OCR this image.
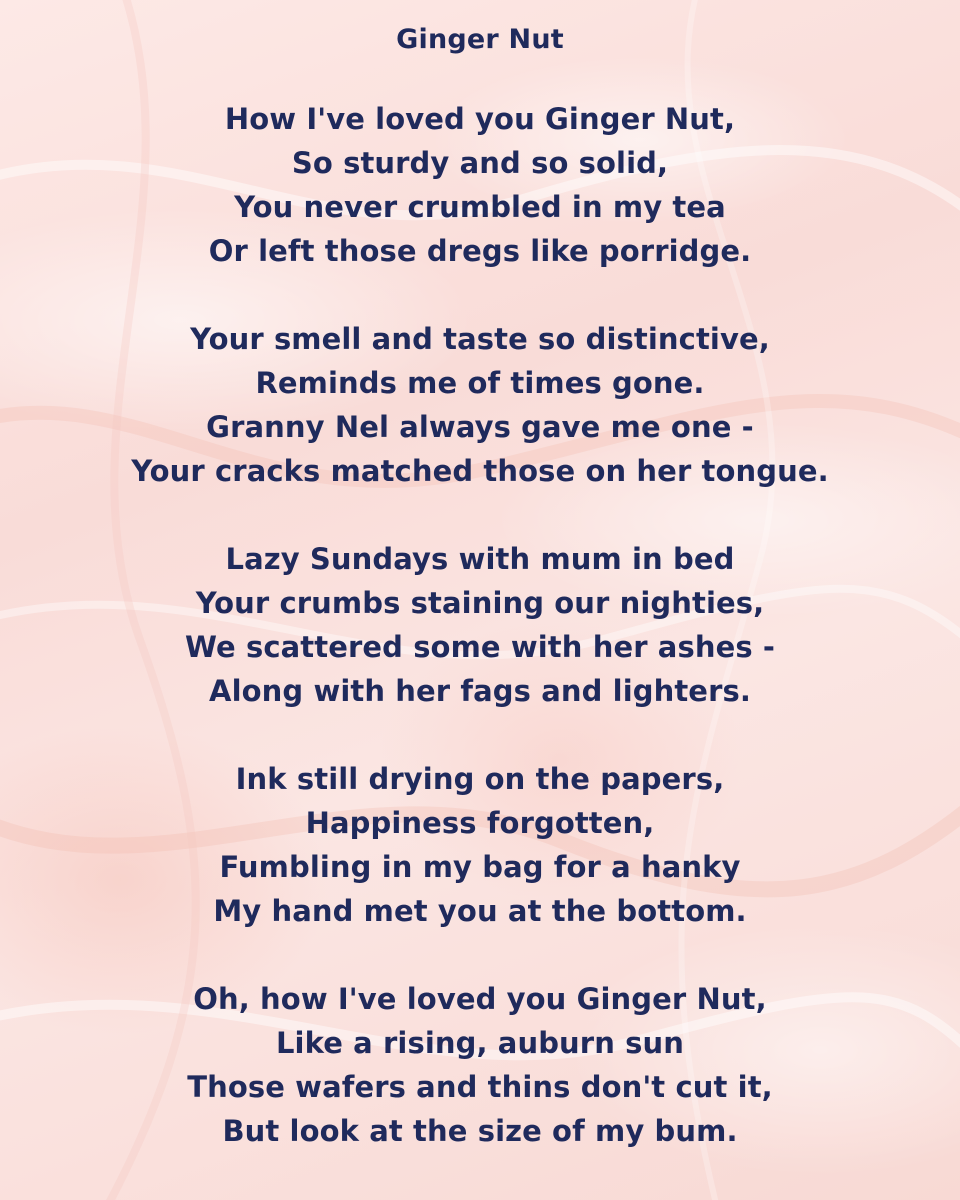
Ginger Nut
How I've loved you Ginger Nut,
So sturdy and so solid,
You never crumbled in my tea
Or left those dregs like porridge.
Your smell and taste so distinctive,
Reminds me of times gone.
Granny Nel always gave me one -
Your cracks matched those on her tongue.
Lazy Sundays with mum in bed
Your crumbs staining our nighties,
We scattered some with her ashes -
Along with her fags and lighters.
Ink still drying on the papers,
Happiness forgotten,
Fumbling in my bag for a hanky
My hand met you at the bottom.
Oh, how I've loved you Ginger Nut,
Like a rising, auburn sun
Those wafers and thins don't cut it,
But look at the size of my bum.
